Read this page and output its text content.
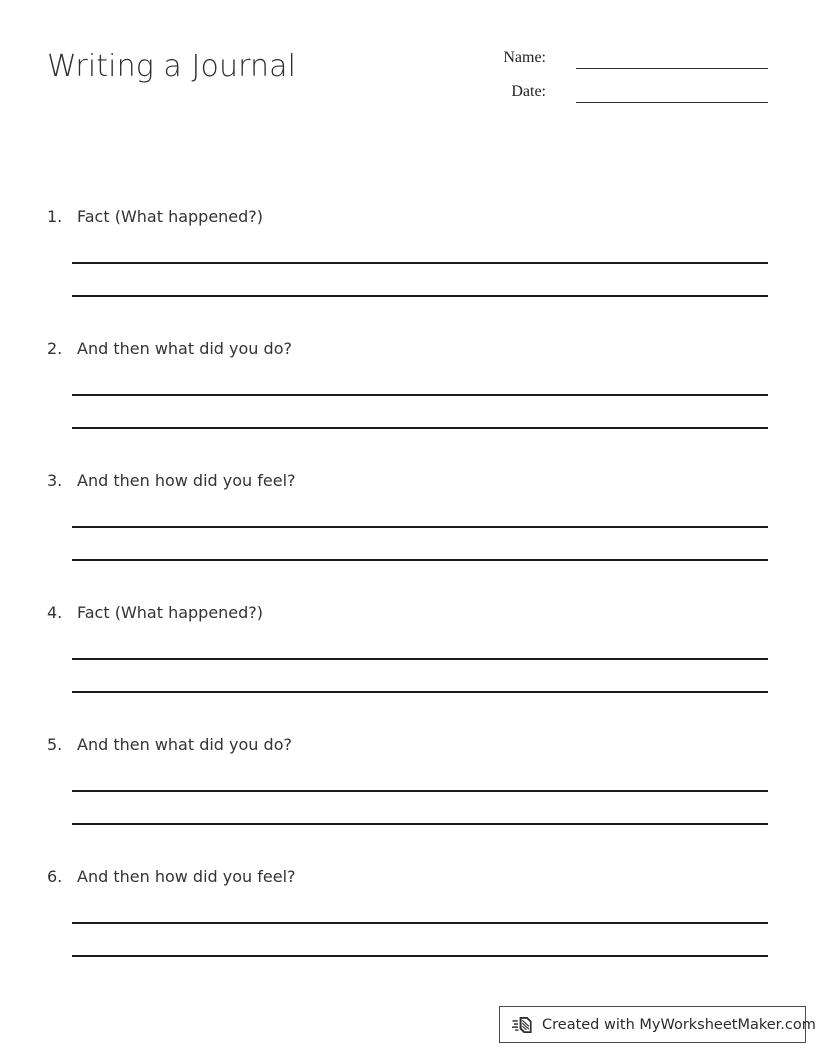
Writing a Journal	Name:
Date:
1. Fact (What happened?)
2. And then what did you do?
3. And then how did you feel?
4. Fact (What happened?)
5. And then what did you do?
6. And then how did you feel?
Created with MyWorksheetMaker.com
